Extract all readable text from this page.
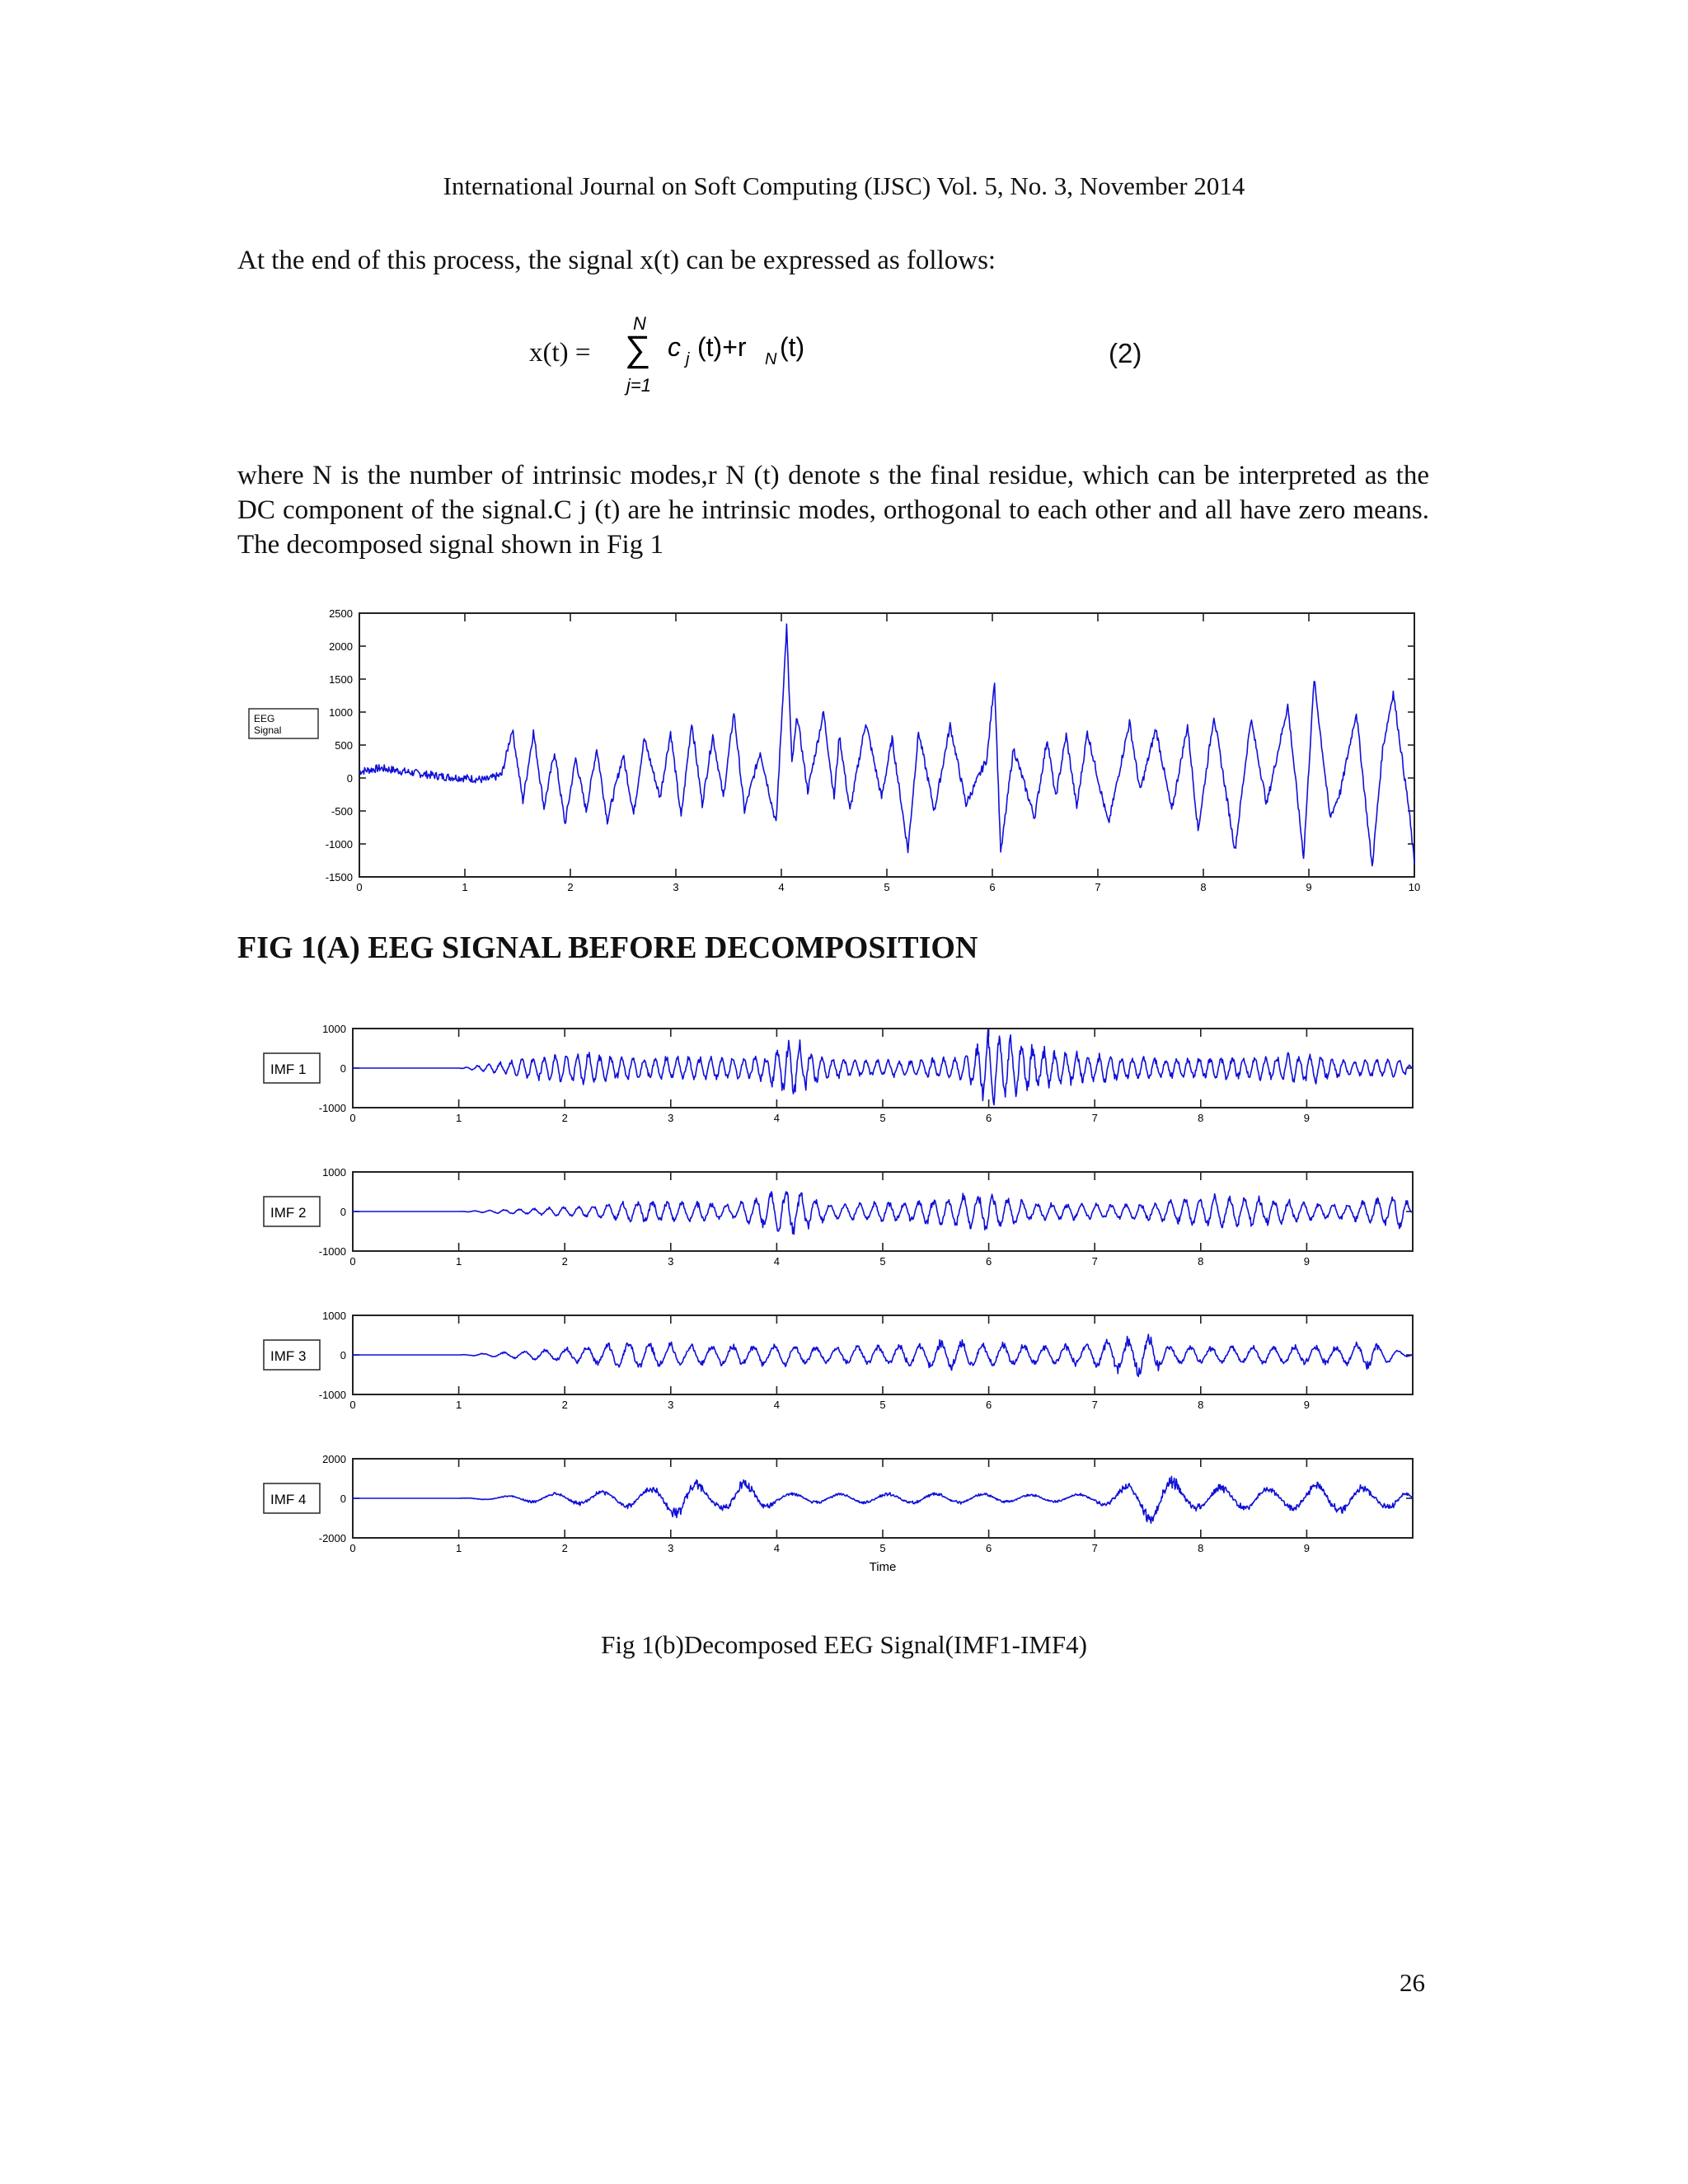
International Journal on Soft Computing (IJSC) Vol. 5, No. 3, November 2014
At the end of this process, the signal x(t) can be expressed as follows:
N
∑
j=1
c j (t)+r N (t)
x(t) =	(2)
where N is the number of intrinsic modes,r N (t) denote s the final residue, which can be interpreted as the DC component of the signal.C j (t) are he intrinsic modes, orthogonal to each other and all have zero means. The decomposed signal shown in Fig 1
EEG
Signal
2500
2000
1500
1000
500
0
-500
-1000
-1500
0	1	2	3	4	5	6	7	8	9	10
FIG 1(A) EEG SIGNAL BEFORE DECOMPOSITION
IMF 1
1000
0
-1000
0	1	2	3	4	5	6	7	8	9
IMF 2
1000
0
-1000
0	1	2	3	4	5	6	7	8	9
IMF 3
1000
0
-1000
0	1	2	3	4	5	6	7	8	9
IMF 4
2000
0
-2000
0	1	2	3	4	5	6	7	8	9
Time
Fig 1(b)Decomposed EEG Signal(IMF1-IMF4)
26
